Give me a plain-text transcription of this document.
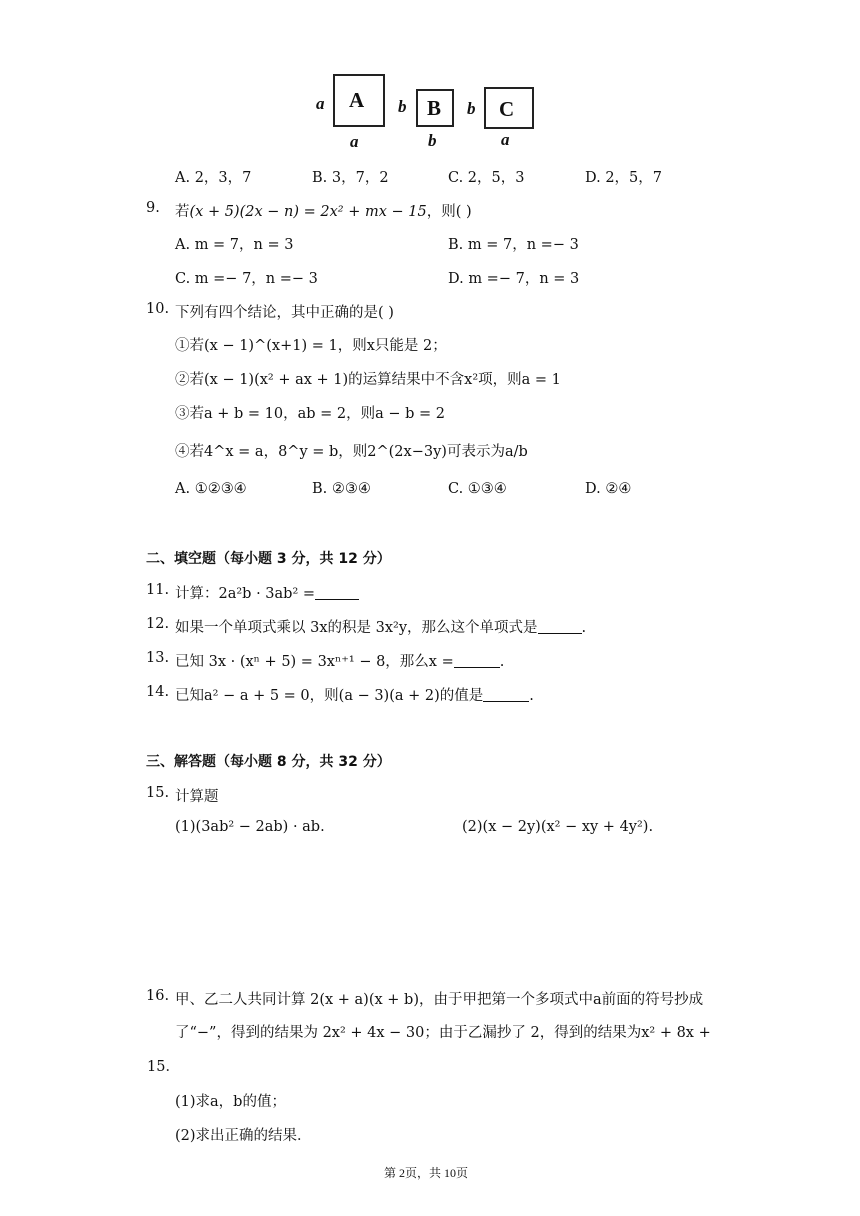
a A
a
b B
b
b C
a
A. 2，3，7	B. 3，7，2	C. 2，5，3	D. 2，5，7
9. 若(x + 5)(2x − n) = 2x² + mx − 15，则( )
A. m = 7，n = 3	B. m = 7，n =− 3
C. m =− 7，n =− 3	D. m =− 7，n = 3
10. 下列有四个结论，其中正确的是( )
①若(x − 1)^(x+1) = 1，则x只能是 2；
②若(x − 1)(x² + ax + 1)的运算结果中不含x²项，则a = 1
③若a + b = 10，ab = 2，则a − b = 2
④若4^x = a，8^y = b，则2^(2x−3y)可表示为a/b
A. ①②③④	B. ②③④	C. ①③④	D. ②④
二、填空题（每小题 3 分，共 12 分）
11. 计算：2a²b · 3ab² =
12. 如果一个单项式乘以 3x的积是 3x²y，那么这个单项式是	.
13. 已知 3x · (xⁿ + 5) = 3xⁿ⁺¹ − 8，那么x =	.
14. 已知a² − a + 5 = 0，则(a − 3)(a + 2)的值是	.
三、解答题（每小题 8 分，共 32 分）
15. 计算题
(1)(3ab² − 2ab) · ab.	(2)(x − 2y)(x² − xy + 4y²).
16. 甲、乙二人共同计算 2(x + a)(x + b)，由于甲把第一个多项式中a前面的符号抄成
了“−”，得到的结果为 2x² + 4x − 30；由于乙漏抄了 2，得到的结果为x² + 8x +
15．
(1)求a，b的值；
(2)求出正确的结果．
第 2页，共 10页
